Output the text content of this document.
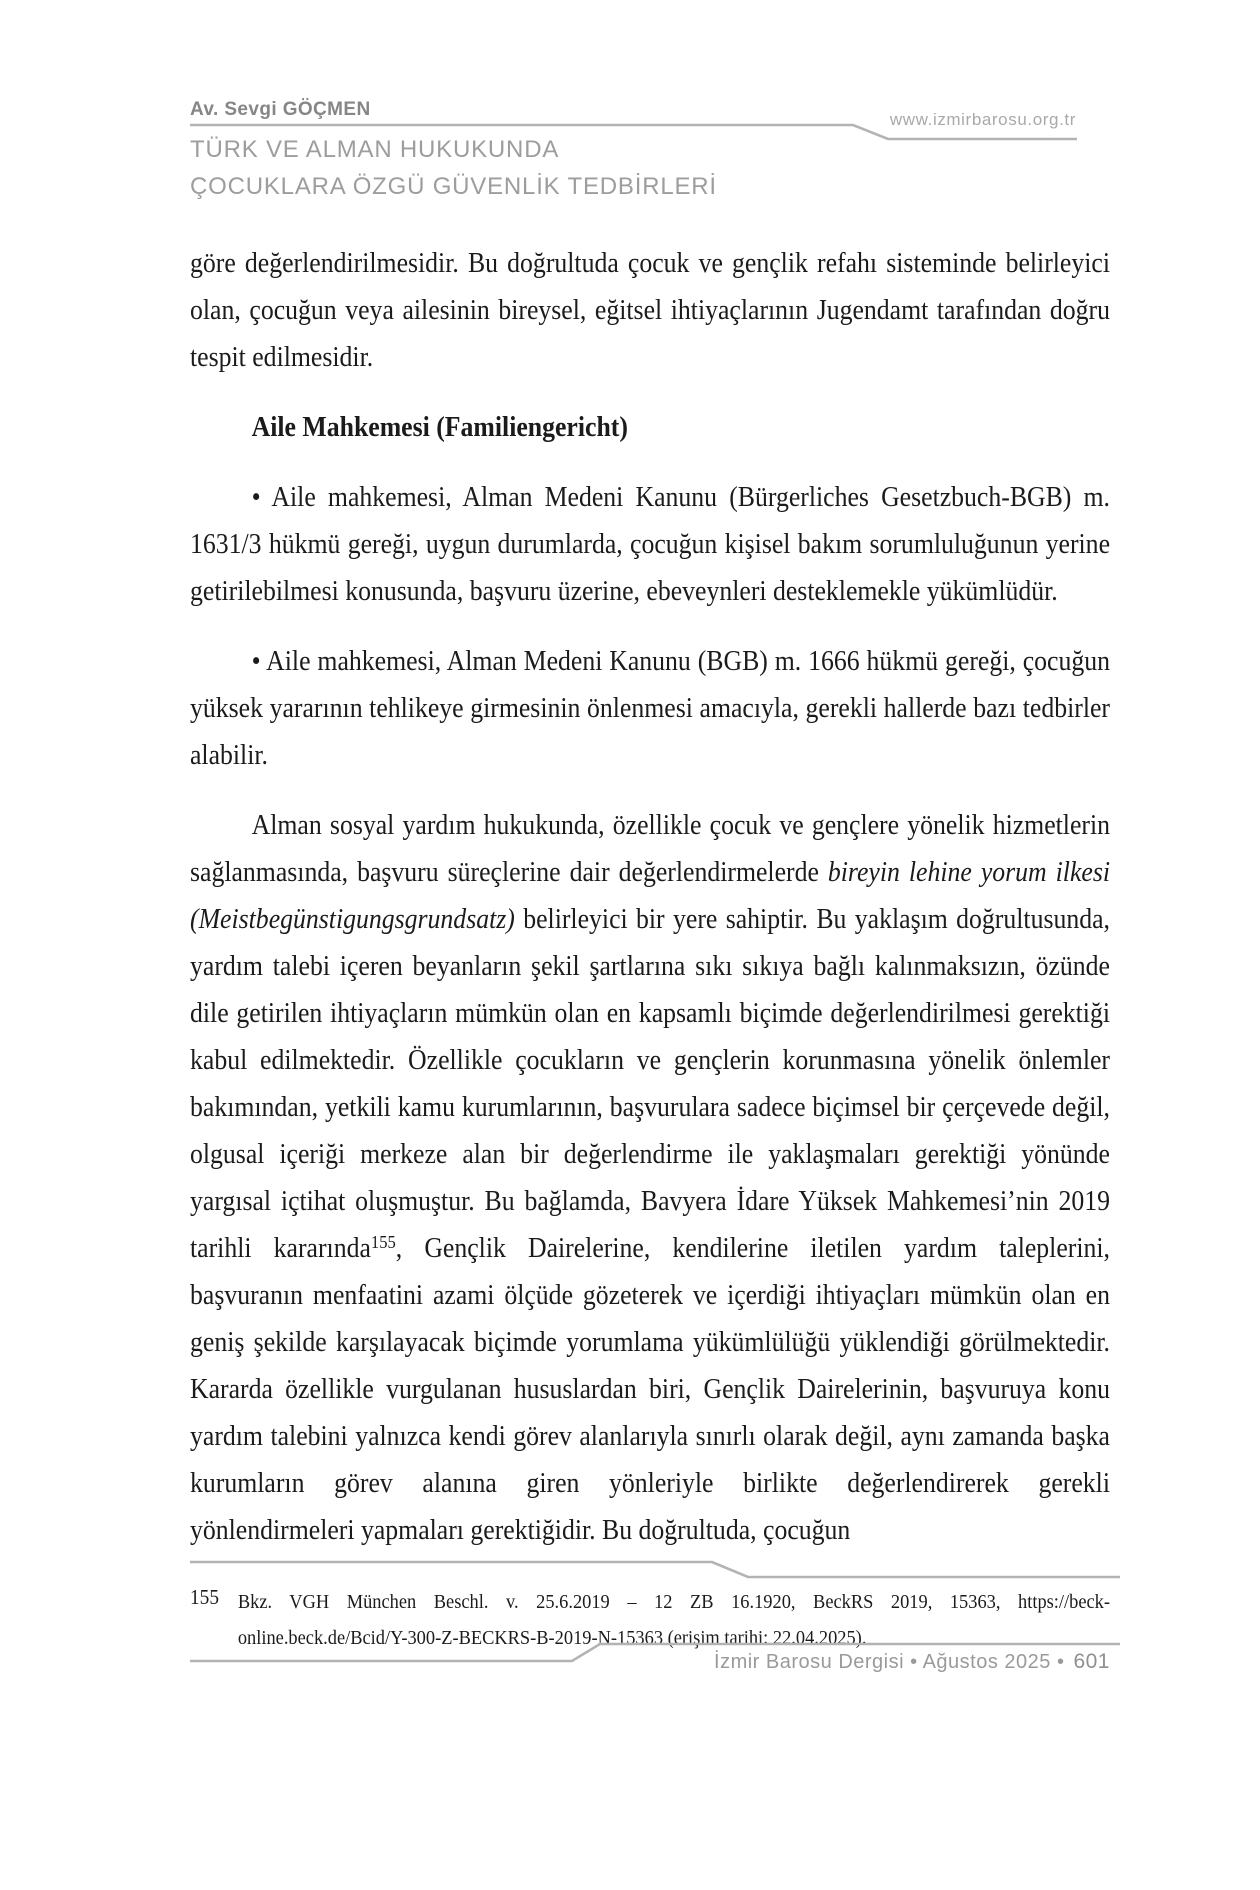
Av. Sevgi GÖÇMEN	www.izmirbarosu.org.tr
TÜRK VE ALMAN HUKUKUNDA
ÇOCUKLARA ÖZGÜ GÜVENLİK TEDBİRLERİ

göre değerlendirilmesidir. Bu doğrultuda çocuk ve gençlik refahı sisteminde belirleyici olan, çocuğun veya ailesinin bireysel, eğitsel ihtiyaçlarının Jugendamt tarafından doğru tespit edilmesidir.

Aile Mahkemesi (Familiengericht)

• Aile mahkemesi, Alman Medeni Kanunu (Bürgerliches Gesetzbuch-BGB) m. 1631/3 hükmü gereği, uygun durumlarda, çocuğun kişisel bakım sorumluluğunun yerine getirilebilmesi konusunda, başvuru üzerine, ebeveynleri desteklemekle yükümlüdür.

• Aile mahkemesi, Alman Medeni Kanunu (BGB) m. 1666 hükmü gereği, çocuğun yüksek yararının tehlikeye girmesinin önlenmesi amacıyla, gerekli hallerde bazı tedbirler alabilir.

Alman sosyal yardım hukukunda, özellikle çocuk ve gençlere yönelik hizmetlerin sağlanmasında, başvuru süreçlerine dair değerlendirmelerde bireyin lehine yorum ilkesi (Meistbegünstigungsgrundsatz) belirleyici bir yere sahiptir. Bu yaklaşım doğrultusunda, yardım talebi içeren beyanların şekil şartlarına sıkı sıkıya bağlı kalınmaksızın, özünde dile getirilen ihtiyaçların mümkün olan en kapsamlı biçimde değerlendirilmesi gerektiği kabul edilmektedir. Özellikle çocukların ve gençlerin korunmasına yönelik önlemler bakımından, yetkili kamu kurumlarının, başvurulara sadece biçimsel bir çerçevede değil, olgusal içeriği merkeze alan bir değerlendirme ile yaklaşmaları gerektiği yönünde yargısal içtihat oluşmuştur. Bu bağlamda, Bavyera İdare Yüksek Mahkemesi’nin 2019 tarihli kararında$^{155}$, Gençlik Dairelerine, kendilerine iletilen yardım taleplerini, başvuranın menfaatini azami ölçüde gözeterek ve içerdiği ihtiyaçları mümkün olan en geniş şekilde karşılayacak biçimde yorumlama yükümlülüğü yüklendiği görülmektedir. Kararda özellikle vurgulanan hususlardan biri, Gençlik Dairelerinin, başvuruya konu yardım talebini yalnızca kendi görev alanlarıyla sınırlı olarak değil, aynı zamanda başka kurumların görev alanına giren yönleriyle birlikte değerlendirerek gerekli yönlendirmeleri yapmaları gerektiğidir. Bu doğrultuda, çocuğun

155 Bkz. VGH München Beschl. v. 25.6.2019 – 12 ZB 16.1920, BeckRS 2019, 15363, https://beck-online.beck.de/Bcid/Y-300-Z-BECKRS-B-2019-N-15363 (erişim tarihi: 22.04.2025).
İzmir Barosu Dergisi • Ağustos 2025 • 601
